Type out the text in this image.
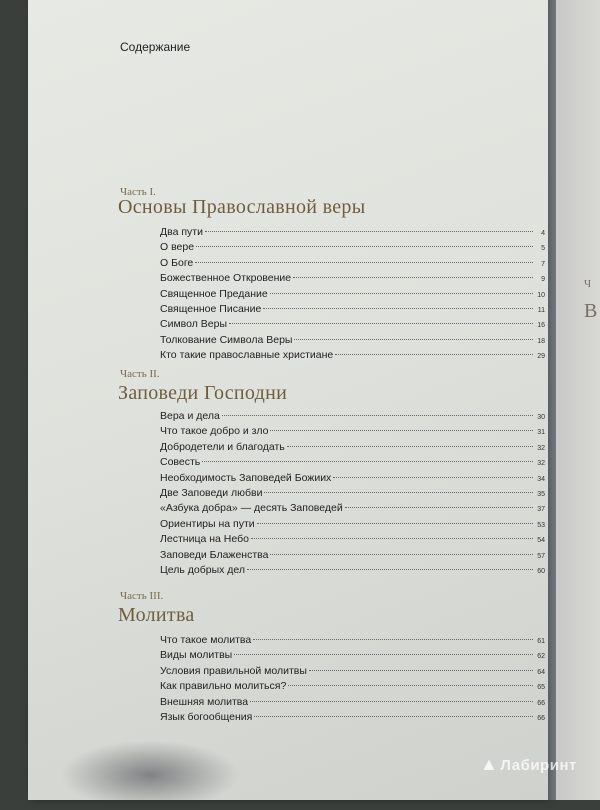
Ч
В
Содержание
Часть I.
Основы Православной веры
Два пути	4
О вере	5
О Боге	7
Божественное Откровение	9
Священное Предание	10
Священное Писание	11
Символ Веры	16
Толкование Символа Веры	18
Кто такие православные христиане	29
Часть II.
Заповеди Господни
Вера и дела	30
Что такое добро и зло	31
Добродетели и благодать	32
Совесть	32
Необходимость Заповедей Божиих	34
Две Заповеди любви	35
«Азбука добра» — десять Заповедей	37
Ориентиры на пути	53
Лестница на Небо	54
Заповеди Блаженства	57
Цель добрых дел	60
Часть III.
Молитва
Что такое молитва	61
Виды молитвы	62
Условия правильной молитвы	64
Как правильно молиться?	65
Внешняя молитва	66
Язык богообщения	66
▲ Лабиринт
